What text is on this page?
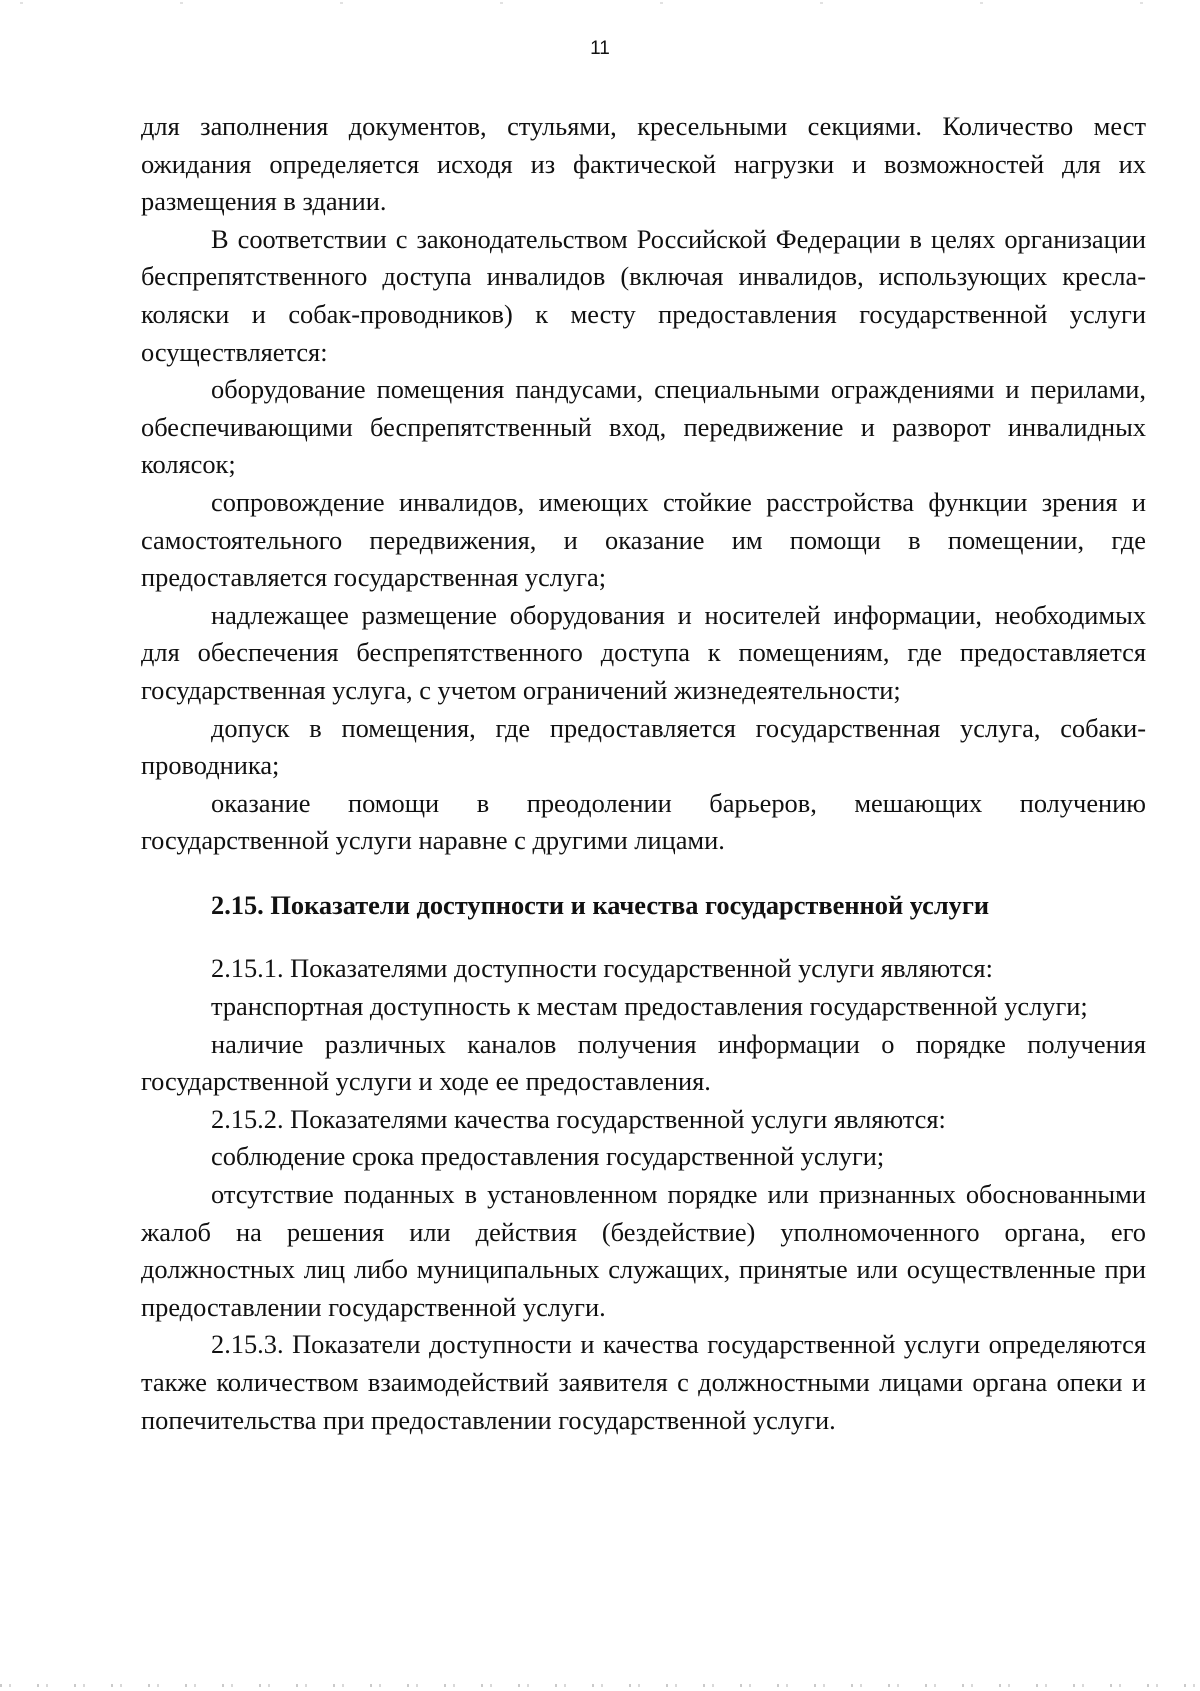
11

для заполнения документов, стульями, кресельными секциями. Количество мест ожидания определяется исходя из фактической нагрузки и возможностей для их размещения в здании.

В соответствии с законодательством Российской Федерации в целях организации беспрепятственного доступа инвалидов (включая инвалидов, использующих кресла-коляски и собак-проводников) к месту предоставления государственной услуги осуществляется:

оборудование помещения пандусами, специальными ограждениями и перилами, обеспечивающими беспрепятственный вход, передвижение и разворот инвалидных колясок;

сопровождение инвалидов, имеющих стойкие расстройства функции зрения и самостоятельного передвижения, и оказание им помощи в помещении, где предоставляется государственная услуга;

надлежащее размещение оборудования и носителей информации, необходимых для обеспечения беспрепятственного доступа к помещениям, где предоставляется государственная услуга, с учетом ограничений жизнедеятельности;

допуск в помещения, где предоставляется государственная услуга, собаки-проводника;

оказание помощи в преодолении барьеров, мешающих получению государственной услуги наравне с другими лицами.

2.15. Показатели доступности и качества государственной услуги

2.15.1. Показателями доступности государственной услуги являются:

транспортная доступность к местам предоставления государственной услуги;

наличие различных каналов получения информации о порядке получения государственной услуги и ходе ее предоставления.

2.15.2. Показателями качества государственной услуги являются:

соблюдение срока предоставления государственной услуги;

отсутствие поданных в установленном порядке или признанных обоснованными жалоб на решения или действия (бездействие) уполномоченного органа, его должностных лиц либо муниципальных служащих, принятые или осуществленные при предоставлении государственной услуги.

2.15.3. Показатели доступности и качества государственной услуги определяются также количеством взаимодействий заявителя с должностными лицами органа опеки и попечительства при предоставлении государственной услуги.
